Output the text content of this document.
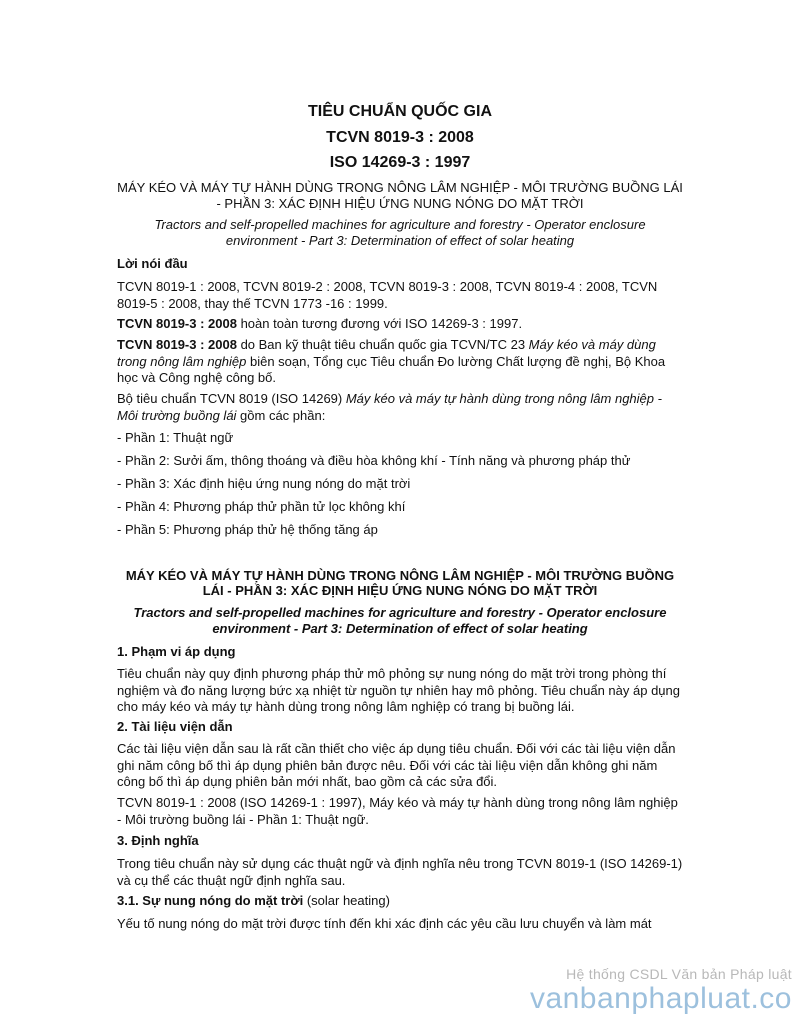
TIÊU CHUẨN QUỐC GIA
TCVN 8019-3 : 2008
ISO 14269-3 : 1997
MÁY KÉO VÀ MÁY TỰ HÀNH DÙNG TRONG NÔNG LÂM NGHIỆP - MÔI TRƯỜNG BUỒNG LÁI - PHẦN 3: XÁC ĐỊNH HIỆU ỨNG NUNG NÓNG DO MẶT TRỜI
Tractors and self-propelled machines for agriculture and forestry - Operator enclosure environment - Part 3: Determination of effect of solar heating
Lời nói đầu
TCVN 8019-1 : 2008, TCVN 8019-2 : 2008, TCVN 8019-3 : 2008, TCVN 8019-4 : 2008, TCVN 8019-5 : 2008, thay thế TCVN 1773 -16 : 1999.
TCVN 8019-3 : 2008 hoàn toàn tương đương với ISO 14269-3 : 1997.
TCVN 8019-3 : 2008 do Ban kỹ thuật tiêu chuẩn quốc gia TCVN/TC 23 Máy kéo và máy dùng trong nông lâm nghiệp biên soạn, Tổng cục Tiêu chuẩn Đo lường Chất lượng đề nghị, Bộ Khoa học và Công nghệ công bố.
Bộ tiêu chuẩn TCVN 8019 (ISO 14269) Máy kéo và máy tự hành dùng trong nông lâm nghiệp - Môi trường buồng lái gồm các phần:
- Phần 1: Thuật ngữ
- Phần 2: Sưởi ấm, thông thoáng và điều hòa không khí - Tính năng và phương pháp thử
- Phần 3: Xác định hiệu ứng nung nóng do mặt trời
- Phần 4: Phương pháp thử phần tử lọc không khí
- Phần 5: Phương pháp thử hệ thống tăng áp
MÁY KÉO VÀ MÁY TỰ HÀNH DÙNG TRONG NÔNG LÂM NGHIỆP - MÔI TRƯỜNG BUỒNG LÁI - PHẦN 3: XÁC ĐỊNH HIỆU ỨNG NUNG NÓNG DO MẶT TRỜI
Tractors and self-propelled machines for agriculture and forestry - Operator enclosure environment - Part 3: Determination of effect of solar heating
1. Phạm vi áp dụng
Tiêu chuẩn này quy định phương pháp thử mô phỏng sự nung nóng do mặt trời trong phòng thí nghiệm và đo năng lượng bức xạ nhiệt từ nguồn tự nhiên hay mô phỏng. Tiêu chuẩn này áp dụng cho máy kéo và máy tự hành dùng trong nông lâm nghiệp có trang bị buồng lái.
2. Tài liệu viện dẫn
Các tài liệu viện dẫn sau là rất cần thiết cho việc áp dụng tiêu chuẩn. Đối với các tài liệu viện dẫn ghi năm công bố thì áp dụng phiên bản được nêu. Đối với các tài liệu viện dẫn không ghi năm công bố thì áp dụng phiên bản mới nhất, bao gồm cả các sửa đổi.
TCVN 8019-1 : 2008 (ISO 14269-1 : 1997), Máy kéo và máy tự hành dùng trong nông lâm nghiệp - Môi trường buồng lái - Phần 1: Thuật ngữ.
3. Định nghĩa
Trong tiêu chuẩn này sử dụng các thuật ngữ và định nghĩa nêu trong TCVN 8019-1 (ISO 14269-1) và cụ thể các thuật ngữ định nghĩa sau.
3.1. Sự nung nóng do mặt trời (solar heating)
Yếu tố nung nóng do mặt trời được tính đến khi xác định các yêu cầu lưu chuyển và làm mát
Hệ thống CSDL Văn bản Pháp luật
vanbanphapluat.co
